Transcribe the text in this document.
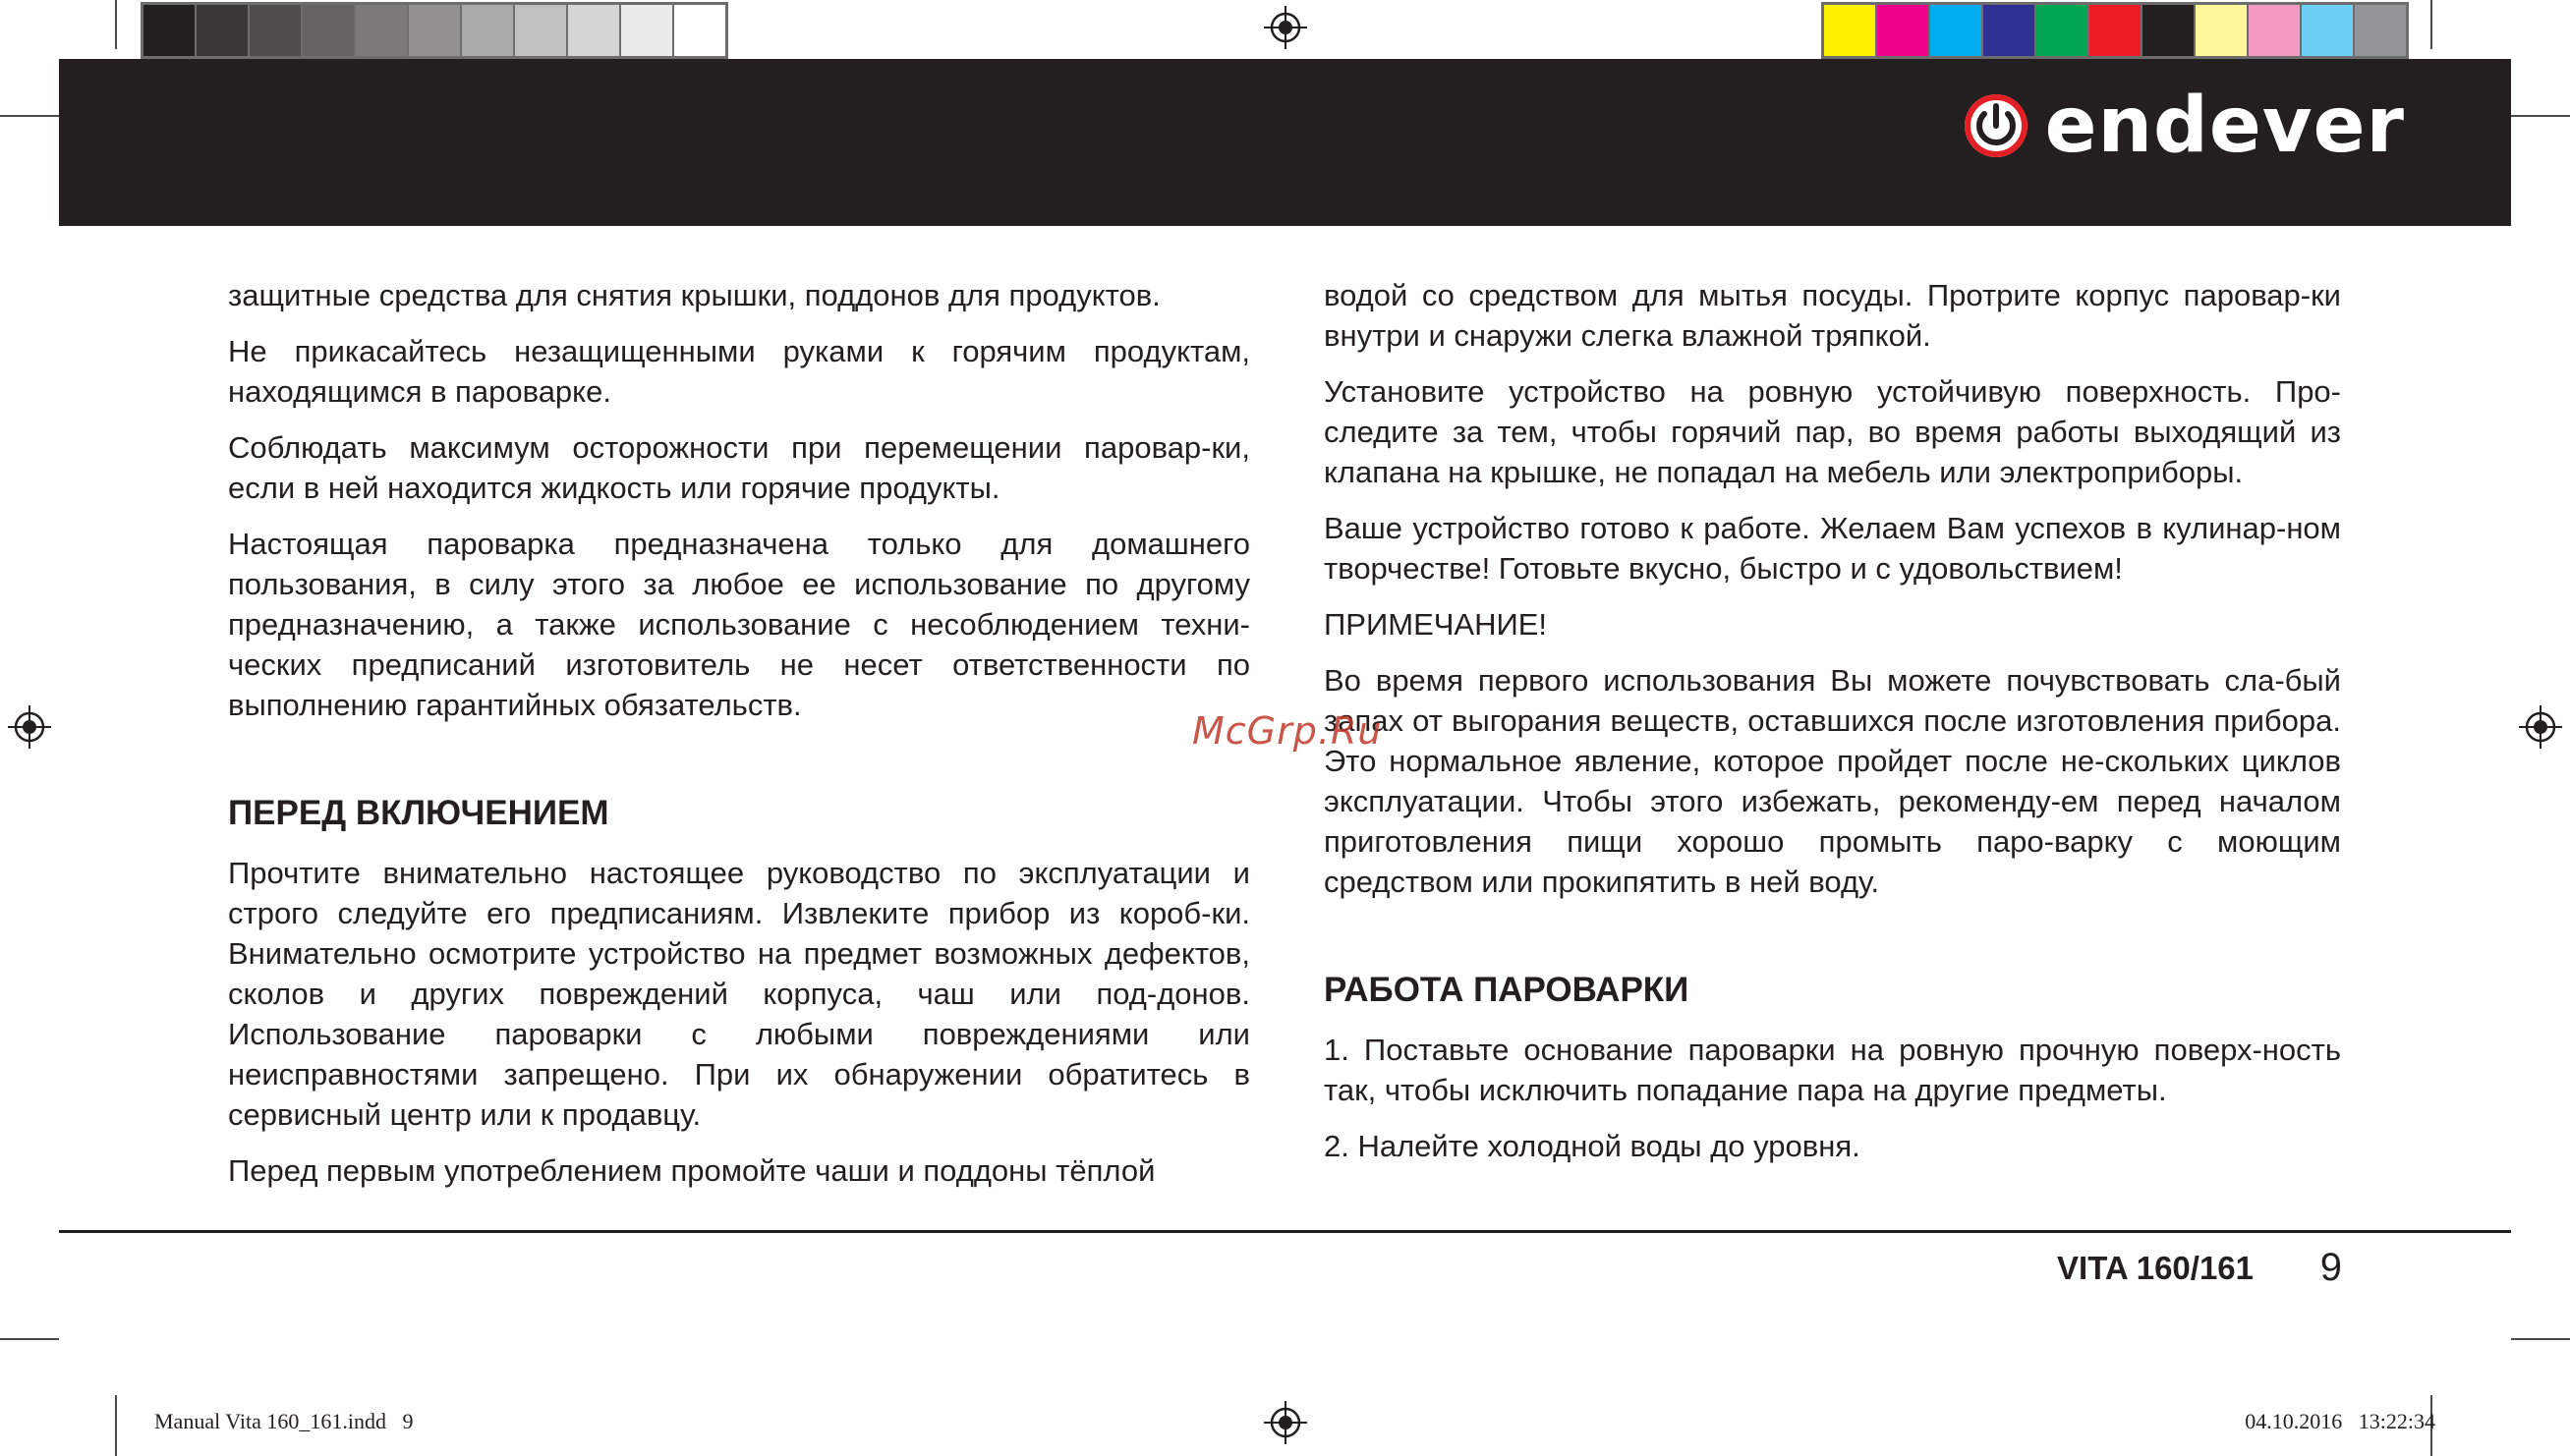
endever

защитные средства для снятия крышки, поддонов для продуктов.

Не прикасайтесь незащищенными руками к горячим продуктам, находящимся в пароварке.

Соблюдать максимум осторожности при перемещении паровар-ки, если в ней находится жидкость или горячие продукты.

Настоящая пароварка предназначена только для домашнего пользования, в силу этого за любое ее использование по другому предназначению, а также использование с несоблюдением техни-ческих предписаний изготовитель не несет ответственности по выполнению гарантийных обязательств.

ПЕРЕД ВКЛЮЧЕНИЕМ

Прочтите внимательно настоящее руководство по эксплуатации и строго следуйте его предписаниям. Извлеките прибор из короб-ки. Внимательно осмотрите устройство на предмет возможных дефектов, сколов и других повреждений корпуса, чаш или под-донов. Использование пароварки с любыми повреждениями или неисправностями запрещено. При их обнаружении обратитесь в сервисный центр или к продавцу.

Перед первым употреблением промойте чаши и поддоны тёплой

водой со средством для мытья посуды. Протрите корпус паровар-ки внутри и снаружи слегка влажной тряпкой.

Установите устройство на ровную устойчивую поверхность. Про-следите за тем, чтобы горячий пар, во время работы выходящий из клапана на крышке, не попадал на мебель или электроприборы.

Ваше устройство готово к работе. Желаем Вам успехов в кулинар-ном творчестве! Готовьте вкусно, быстро и с удовольствием!

ПРИМЕЧАНИЕ!

Во время первого использования Вы можете почувствовать сла-бый запах от выгорания веществ, оставшихся после изготовления прибора. Это нормальное явление, которое пройдет после не-скольких циклов эксплуатации. Чтобы этого избежать, рекоменду-ем перед началом приготовления пищи хорошо промыть паро-варку с моющим средством или прокипятить в ней воду.

РАБОТА ПАРОВАРКИ

1. Поставьте основание пароварки на ровную прочную поверх-ность так, чтобы исключить попадание пара на другие предметы.

2. Налейте холодной воды до уровня.

McGrp.Ru
VITA 160/161 9
Manual Vita 160_161.indd   9	04.10.2016   13:22:34
